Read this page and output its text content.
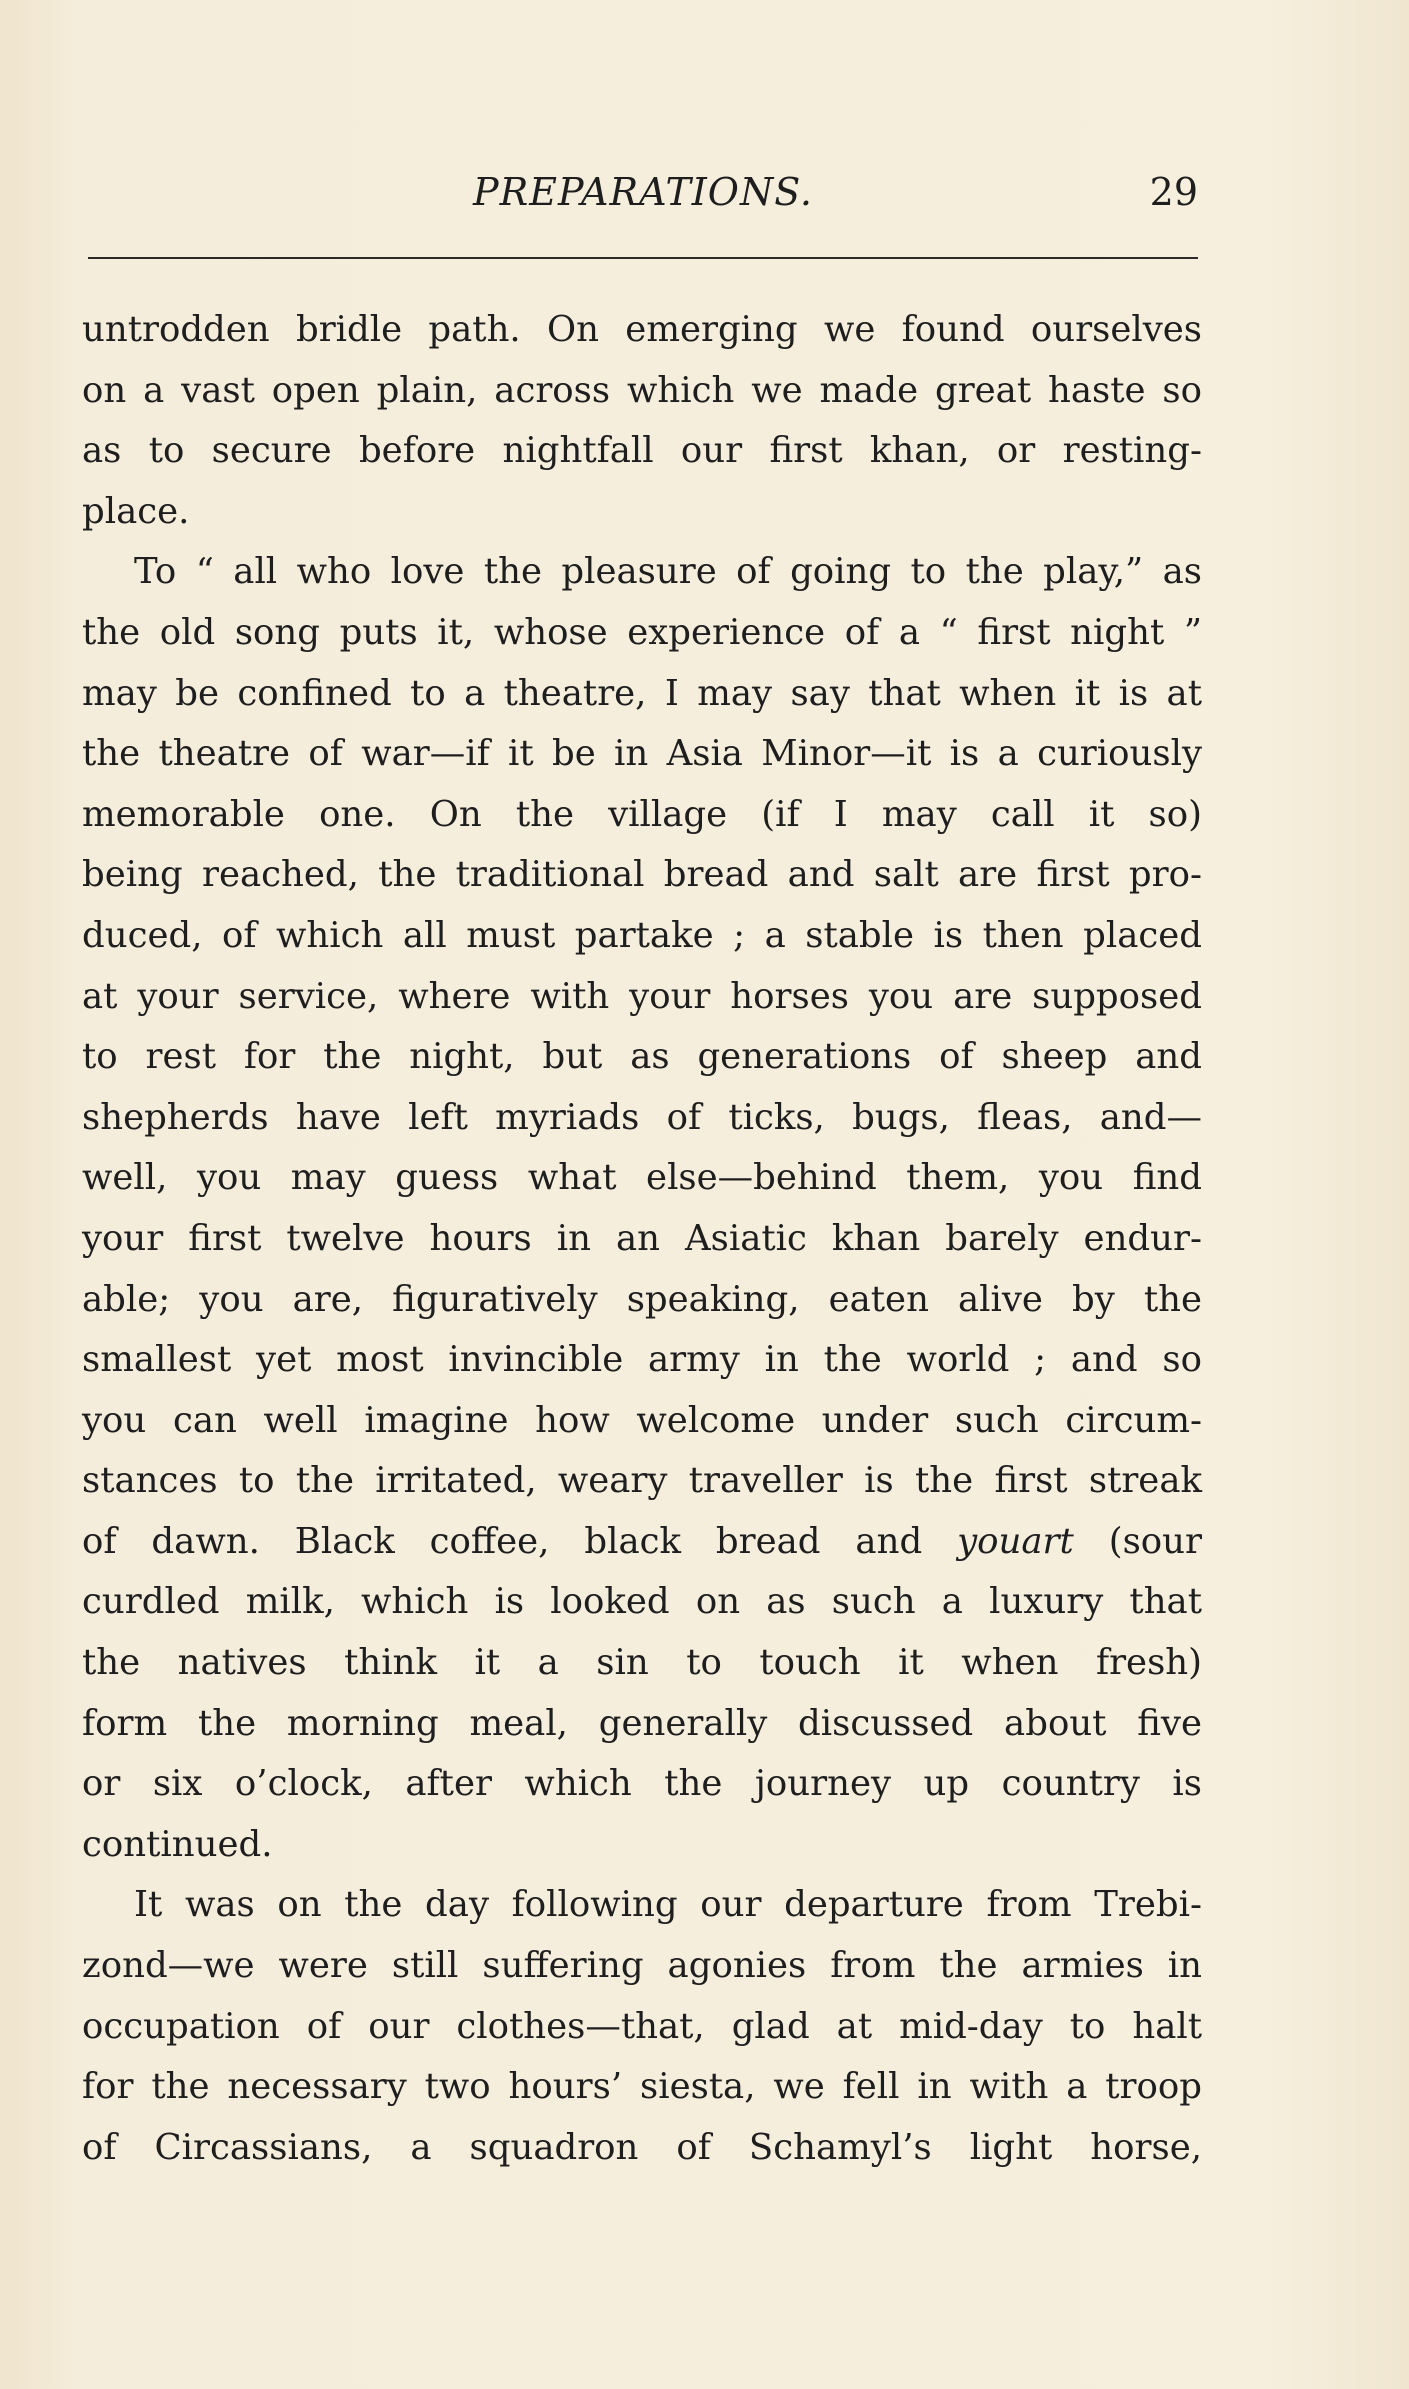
PREPARATIONS.	29
untrodden bridle path. On emerging we found ourselves
on a vast open plain, across which we made great haste so
as to secure before nightfall our first khan, or resting-
place.
To “ all who love the pleasure of going to the play,” as
the old song puts it, whose experience of a “ first night ”
may be confined to a theatre, I may say that when it is at
the theatre of war—if it be in Asia Minor—it is a curiously
memorable one. On the village (if I may call it so)
being reached, the traditional bread and salt are first pro-
duced, of which all must partake ; a stable is then placed
at your service, where with your horses you are supposed
to rest for the night, but as generations of sheep and
shepherds have left myriads of ticks, bugs, fleas, and—
well, you may guess what else—behind them, you find
your first twelve hours in an Asiatic khan barely endur-
able; you are, figuratively speaking, eaten alive by the
smallest yet most invincible army in the world ; and so
you can well imagine how welcome under such circum-
stances to the irritated, weary traveller is the first streak
of dawn. Black coffee, black bread and youart (sour
curdled milk, which is looked on as such a luxury that
the natives think it a sin to touch it when fresh)
form the morning meal, generally discussed about five
or six o’clock, after which the journey up country is
continued.
It was on the day following our departure from Trebi-
zond—we were still suffering agonies from the armies in
occupation of our clothes—that, glad at mid-day to halt
for the necessary two hours’ siesta, we fell in with a troop
of Circassians, a squadron of Schamyl’s light horse,
